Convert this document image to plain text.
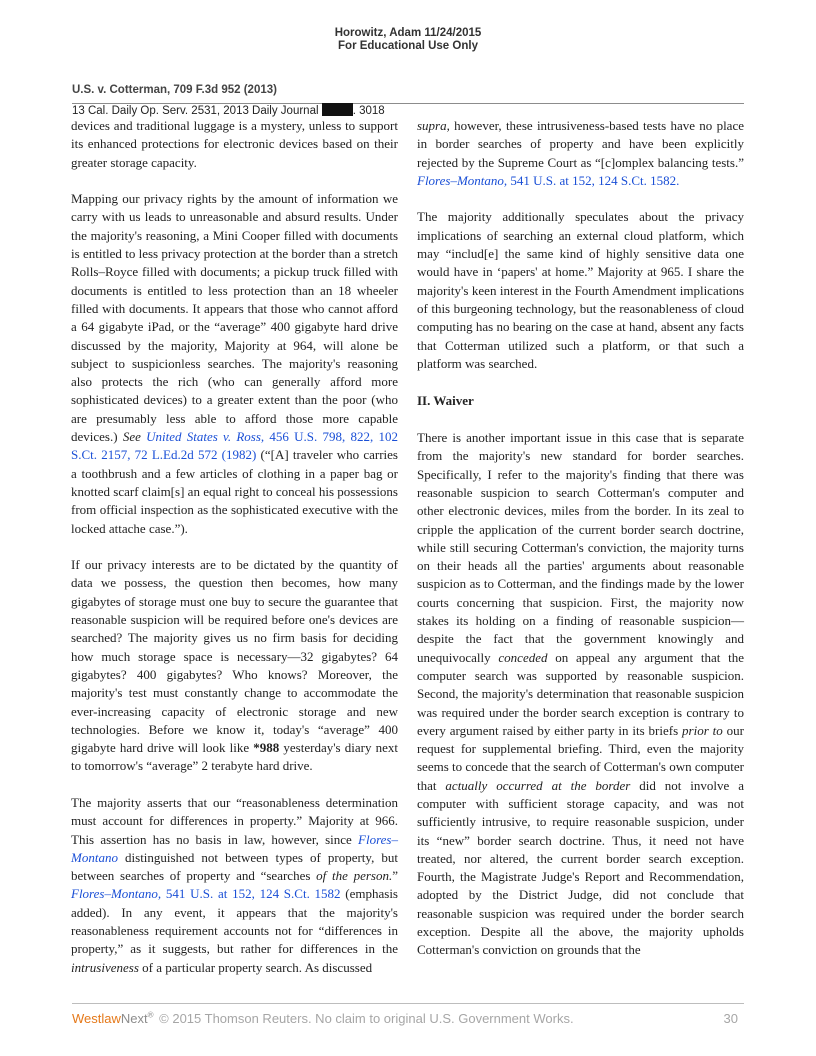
Horowitz, Adam 11/24/2015
For Educational Use Only
U.S. v. Cotterman, 709 F.3d 952 (2013)
13 Cal. Daily Op. Serv. 2531, 2013 Daily Journal	. 3018

devices and traditional luggage is a mystery, unless to support its enhanced protections for electronic devices based on their greater storage capacity.

Mapping our privacy rights by the amount of information we carry with us leads to unreasonable and absurd results. Under the majority's reasoning, a Mini Cooper filled with documents is entitled to less privacy protection at the border than a stretch Rolls–Royce filled with documents; a pickup truck filled with documents is entitled to less protection than an 18 wheeler filled with documents. It appears that those who cannot afford a 64 gigabyte iPad, or the “average” 400 gigabyte hard drive discussed by the majority, Majority at 964, will alone be subject to suspicionless searches. The majority's reasoning also protects the rich (who can generally afford more sophisticated devices) to a greater extent than the poor (who are presumably less able to afford those more capable devices.) See United States v. Ross, 456 U.S. 798, 822, 102 S.Ct. 2157, 72 L.Ed.2d 572 (1982) (“[A] traveler who carries a toothbrush and a few articles of clothing in a paper bag or knotted scarf claim[s] an equal right to conceal his possessions from official inspection as the sophisticated executive with the locked attache case.”).

If our privacy interests are to be dictated by the quantity of data we possess, the question then becomes, how many gigabytes of storage must one buy to secure the guarantee that reasonable suspicion will be required before one's devices are searched? The majority gives us no firm basis for deciding how much storage space is necessary—32 gigabytes? 64 gigabytes? 400 gigabytes? Who knows? Moreover, the majority's test must constantly change to accommodate the ever-increasing capacity of electronic storage and new technologies. Before we know it, today's “average” 400 gigabyte hard drive will look like *988 yesterday's diary next to tomorrow's “average” 2 terabyte hard drive.

The majority asserts that our “reasonableness determination must account for differences in property.” Majority at 966. This assertion has no basis in law, however, since Flores–Montano distinguished not between types of property, but between searches of property and “searches of the person.” Flores–Montano, 541 U.S. at 152, 124 S.Ct. 1582 (emphasis added). In any event, it appears that the majority's reasonableness requirement accounts not for “differences in property,” as it suggests, but rather for differences in the intrusiveness of a particular property search. As discussed

supra, however, these intrusiveness-based tests have no place in border searches of property and have been explicitly rejected by the Supreme Court as “[c]omplex balancing tests.” Flores–Montano, 541 U.S. at 152, 124 S.Ct. 1582.

The majority additionally speculates about the privacy implications of searching an external cloud platform, which may “includ[e] the same kind of highly sensitive data one would have in ‘papers' at home.” Majority at 965. I share the majority's keen interest in the Fourth Amendment implications of this burgeoning technology, but the reasonableness of cloud computing has no bearing on the case at hand, absent any facts that Cotterman utilized such a platform, or that such a platform was searched.

II. Waiver

There is another important issue in this case that is separate from the majority's new standard for border searches. Specifically, I refer to the majority's finding that there was reasonable suspicion to search Cotterman's computer and other electronic devices, miles from the border. In its zeal to cripple the application of the current border search doctrine, while still securing Cotterman's conviction, the majority turns on their heads all the parties' arguments about reasonable suspicion as to Cotterman, and the findings made by the lower courts concerning that suspicion. First, the majority now stakes its holding on a finding of reasonable suspicion—despite the fact that the government knowingly and unequivocally conceded on appeal any argument that the computer search was supported by reasonable suspicion. Second, the majority's determination that reasonable suspicion was required under the border search exception is contrary to every argument raised by either party in its briefs prior to our request for supplemental briefing. Third, even the majority seems to concede that the search of Cotterman's own computer that actually occurred at the border did not involve a computer with sufficient storage capacity, and was not sufficiently intrusive, to require reasonable suspicion, under its “new” border search doctrine. Thus, it need not have treated, nor altered, the current border search exception. Fourth, the Magistrate Judge's Report and Recommendation, adopted by the District Judge, did not conclude that reasonable suspicion was required under the border search exception. Despite all the above, the majority upholds Cotterman's conviction on grounds that the

WestlawNext® © 2015 Thomson Reuters. No claim to original U.S. Government Works.	30
